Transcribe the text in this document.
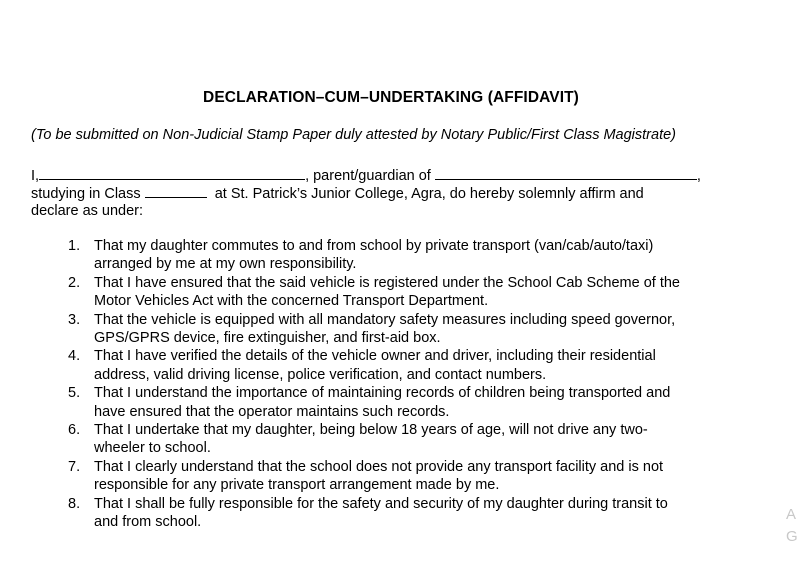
DECLARATION–CUM–UNDERTAKING (AFFIDAVIT)
(To be submitted on Non-Judicial Stamp Paper duly attested by Notary Public/First Class Magistrate)
I,	, parent/guardian of	,
studying in Class	at St. Patrick’s Junior College, Agra, do hereby solemnly affirm and
declare as under:
1. That my daughter commutes to and from school by private transport (van/cab/auto/taxi)
arranged by me at my own responsibility.
2. That I have ensured that the said vehicle is registered under the School Cab Scheme of the
Motor Vehicles Act with the concerned Transport Department.
3. That the vehicle is equipped with all mandatory safety measures including speed governor,
GPS/GPRS device, fire extinguisher, and first-aid box.
4. That I have verified the details of the vehicle owner and driver, including their residential
address, valid driving license, police verification, and contact numbers.
5. That I understand the importance of maintaining records of children being transported and
have ensured that the operator maintains such records.
6. That I undertake that my daughter, being below 18 years of age, will not drive any two-
wheeler to school.
7. That I clearly understand that the school does not provide any transport facility and is not
responsible for any private transport arrangement made by me.
8. That I shall be fully responsible for the safety and security of my daughter during transit to
and from school.	A
G
